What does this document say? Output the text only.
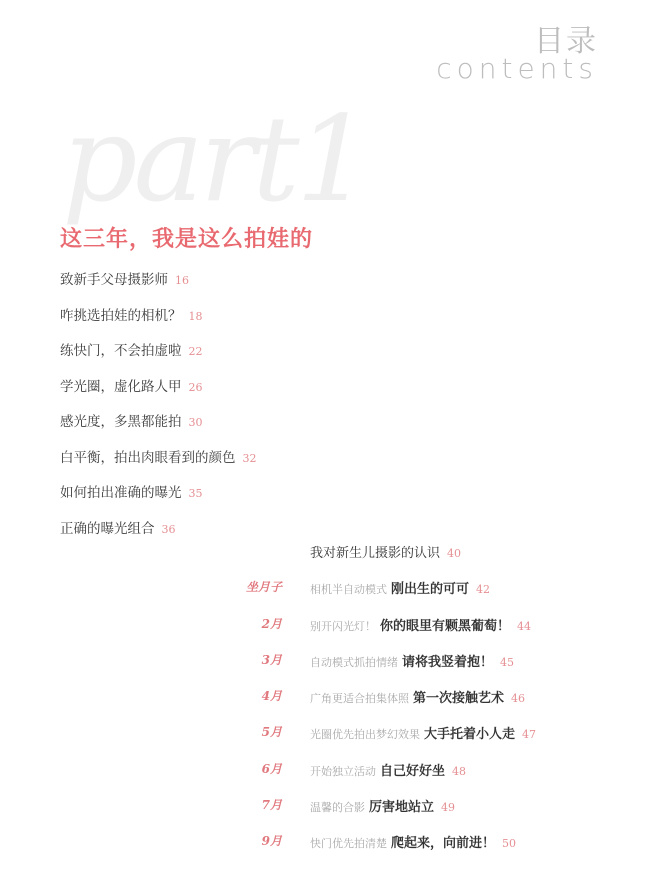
目录
contents
part1
这三年，我是这么拍娃的
致新手父母摄影师 16
咋挑选拍娃的相机？ 18
练快门，不会拍虚啦 22
学光圈，虚化路人甲 26
感光度，多黑都能拍 30
白平衡，拍出肉眼看到的颜色 32
如何拍出准确的曝光 35
正确的曝光组合 36
我对新生儿摄影的认识 40
坐月子	相机半自动模式 刚出生的可可 42
2月	别开闪光灯！ 你的眼里有颗黑葡萄！ 44
3月	自动模式抓拍情绪 请将我竖着抱！ 45
4月	广角更适合拍集体照 第一次接触艺术 46
5月	光圈优先拍出梦幻效果 大手托着小人走 47
6月	开始独立活动 自己好好坐 48
7月	温馨的合影 厉害地站立 49
9月	快门优先拍清楚 爬起来，向前进！ 50
